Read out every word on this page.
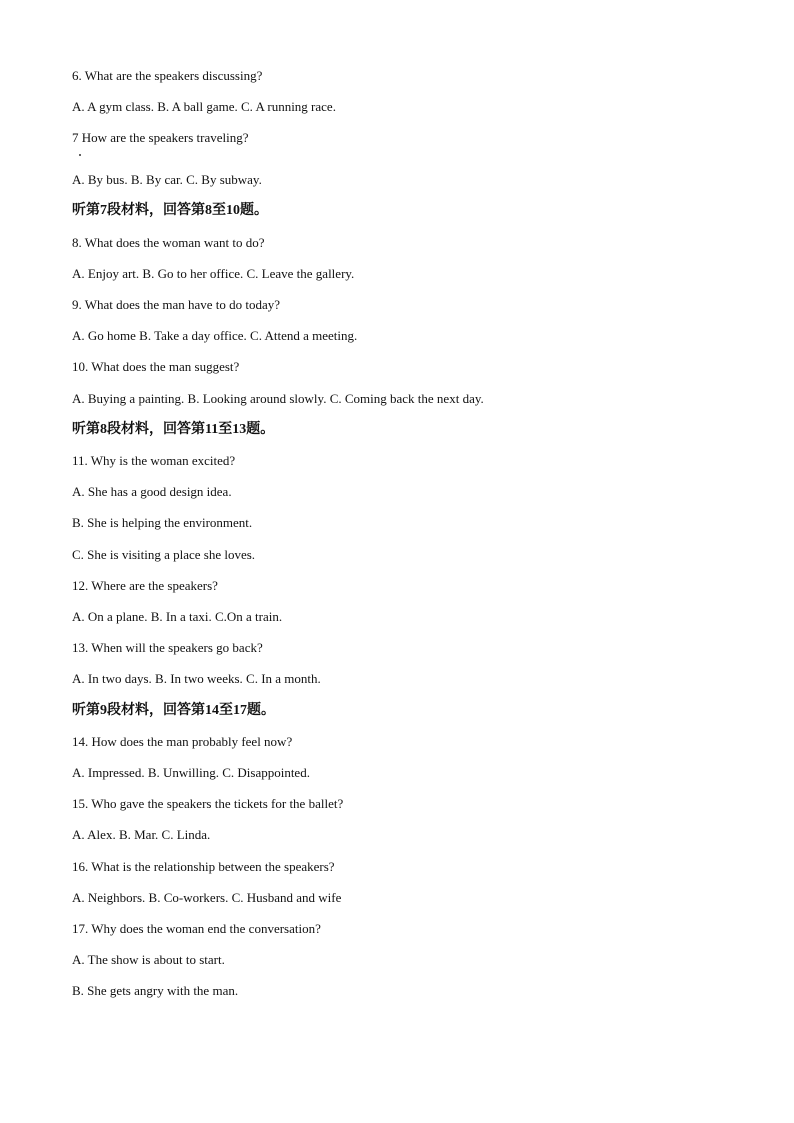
6. What are the speakers discussing?
A. A gym class. B. A ball game. C. A running race.
7 How are the speakers traveling?
A. By bus. B. By car. C. By subway.
听第7段材料，回答第8至10题。
8. What does the woman want to do?
A. Enjoy art. B. Go to her office. C. Leave the gallery.
9. What does the man have to do today?
A. Go home B. Take a day office. C. Attend a meeting.
10. What does the man suggest?
A. Buying a painting. B. Looking around slowly. C. Coming back the next day.
听第8段材料，回答第11至13题。
11. Why is the woman excited?
A. She has a good design idea.
B. She is helping the environment.
C. She is visiting a place she loves.
12. Where are the speakers?
A. On a plane. B. In a taxi. C.On a train.
13. When will the speakers go back?
A. In two days. B. In two weeks. C. In a month.
听第9段材料，回答第14至17题。
14. How does the man probably feel now?
A. Impressed. B. Unwilling. C. Disappointed.
15. Who gave the speakers the tickets for the ballet?
A. Alex. B. Mar. C. Linda.
16. What is the relationship between the speakers?
A. Neighbors. B. Co-workers. C. Husband and wife
17. Why does the woman end the conversation?
A. The show is about to start.
B. She gets angry with the man.
